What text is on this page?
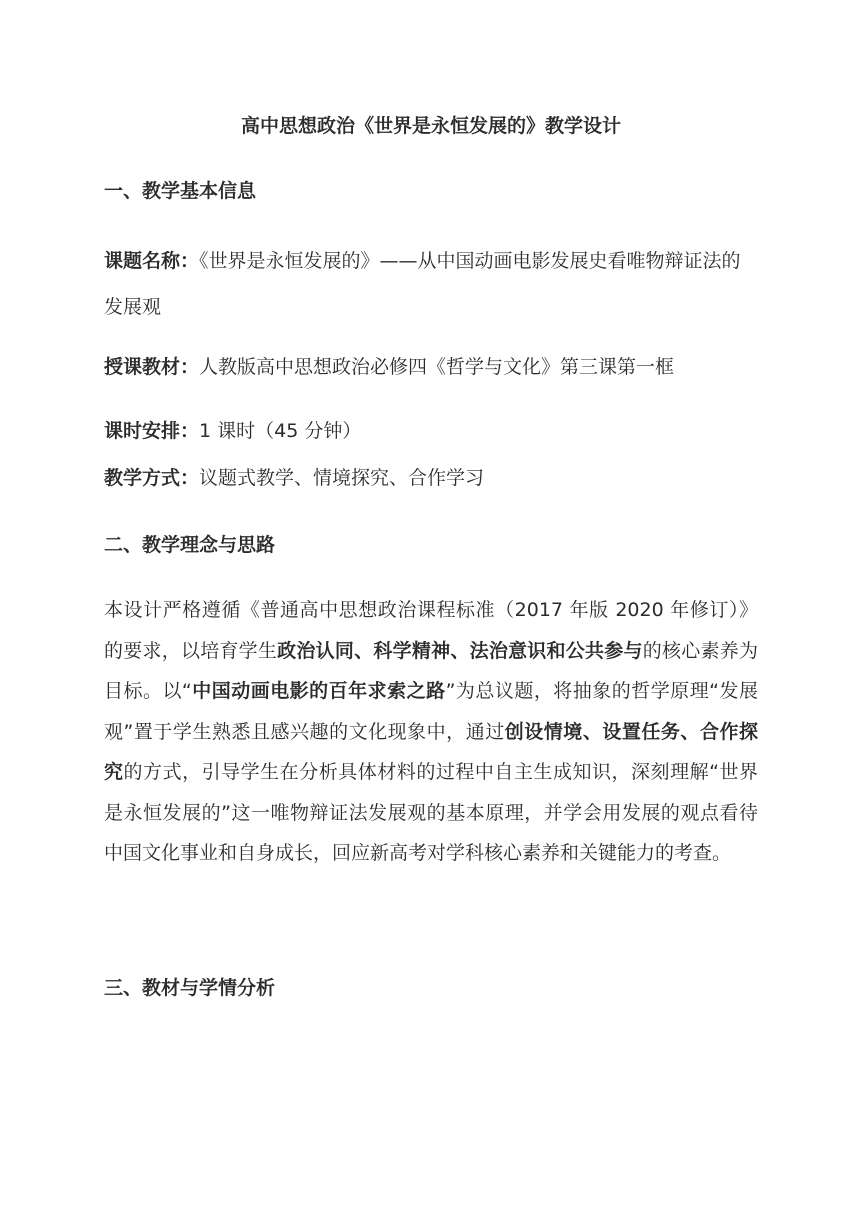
高中思想政治《世界是永恒发展的》教学设计
一、教学基本信息
课题名称：《世界是永恒发展的》——从中国动画电影发展史看唯物辩证法的发展观
授课教材：人教版高中思想政治必修四《哲学与文化》第三课第一框
课时安排：1 课时（45 分钟）
教学方式：议题式教学、情境探究、合作学习
二、教学理念与思路
本设计严格遵循《普通高中思想政治课程标准（2017 年版 2020 年修订）》的要求，以培育学生政治认同、科学精神、法治意识和公共参与的核心素养为目标。以“中国动画电影的百年求索之路”为总议题，将抽象的哲学原理“发展观”置于学生熟悉且感兴趣的文化现象中，通过创设情境、设置任务、合作探究的方式，引导学生在分析具体材料的过程中自主生成知识，深刻理解“世界是永恒发展的”这一唯物辩证法发展观的基本原理，并学会用发展的观点看待中国文化事业和自身成长，回应新高考对学科核心素养和关键能力的考查。
三、教材与学情分析
